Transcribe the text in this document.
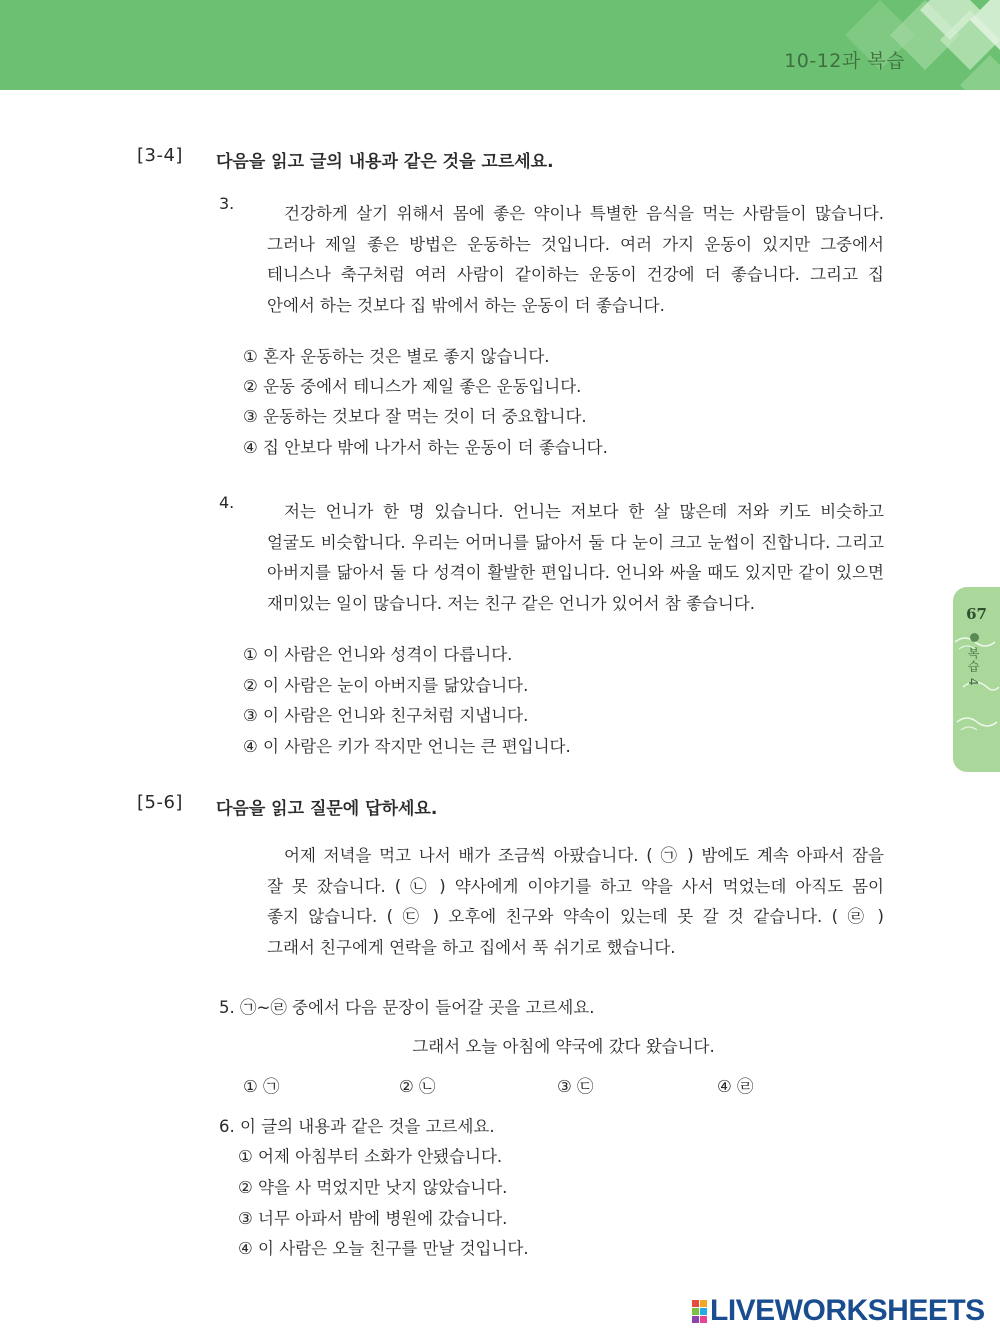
10-12과 복습
67
복습 4
[3-4] 다음을 읽고 글의 내용과 같은 것을 고르세요.
3.
건강하게 살기 위해서 몸에 좋은 약이나 특별한 음식을 먹는 사람들이 많습니다.
그러나 제일 좋은 방법은 운동하는 것입니다. 여러 가지 운동이 있지만 그중에서
테니스나 축구처럼 여러 사람이 같이하는 운동이 건강에 더 좋습니다. 그리고 집
안에서 하는 것보다 집 밖에서 하는 운동이 더 좋습니다.
① 혼자 운동하는 것은 별로 좋지 않습니다.
② 운동 중에서 테니스가 제일 좋은 운동입니다.
③ 운동하는 것보다 잘 먹는 것이 더 중요합니다.
④ 집 안보다 밖에 나가서 하는 운동이 더 좋습니다.
4.	저는 언니가 한 명 있습니다. 언니는 저보다 한 살 많은데 저와 키도 비슷하고
얼굴도 비슷합니다. 우리는 어머니를 닮아서 둘 다 눈이 크고 눈썹이 진합니다. 그리고
아버지를 닮아서 둘 다 성격이 활발한 편입니다. 언니와 싸울 때도 있지만 같이 있으면
재미있는 일이 많습니다. 저는 친구 같은 언니가 있어서 참 좋습니다.
① 이 사람은 언니와 성격이 다릅니다.
② 이 사람은 눈이 아버지를 닮았습니다.
③ 이 사람은 언니와 친구처럼 지냅니다.
④ 이 사람은 키가 작지만 언니는 큰 편입니다.
[5-6] 다음을 읽고 질문에 답하세요.
어제 저녁을 먹고 나서 배가 조금씩 아팠습니다. ( ㉠ ) 밤에도 계속 아파서 잠을
잘 못 잤습니다. ( ㉡ ) 약사에게 이야기를 하고 약을 사서 먹었는데 아직도 몸이
좋지 않습니다. ( ㉢ ) 오후에 친구와 약속이 있는데 못 갈 것 같습니다. ( ㉣ )
그래서 친구에게 연락을 하고 집에서 푹 쉬기로 했습니다.
5. ㉠~㉣ 중에서 다음 문장이 들어갈 곳을 고르세요.
그래서 오늘 아침에 약국에 갔다 왔습니다.
① ㉠	② ㉡	③ ㉢	④ ㉣
6. 이 글의 내용과 같은 것을 고르세요.
① 어제 아침부터 소화가 안됐습니다.
② 약을 사 먹었지만 낫지 않았습니다.
③ 너무 아파서 밤에 병원에 갔습니다.
④ 이 사람은 오늘 친구를 만날 것입니다.
LIVEWORKSHEETS
